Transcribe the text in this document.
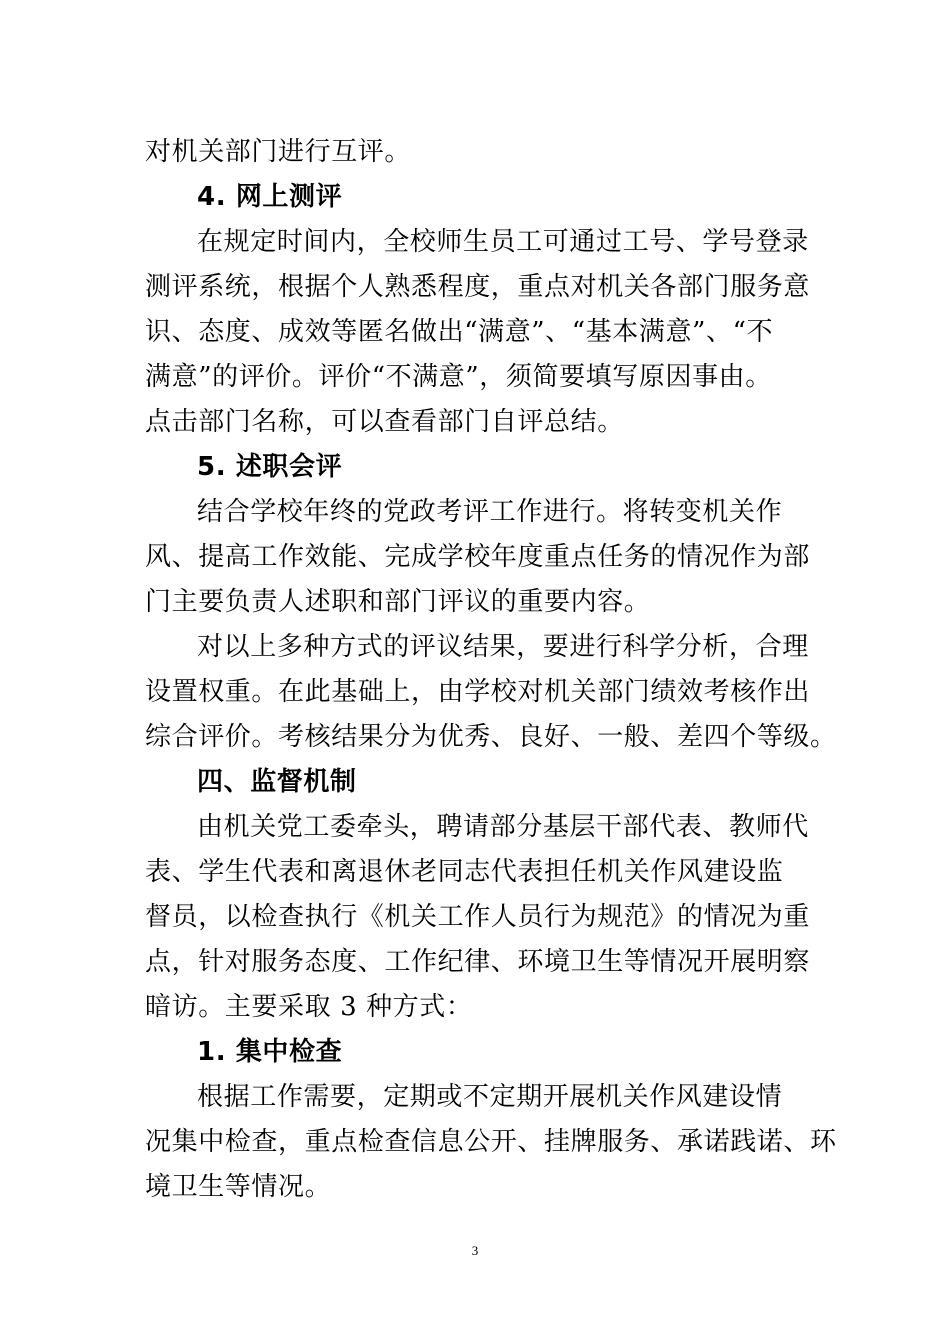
对机关部门进行互评。
4. 网上测评
在规定时间内，全校师生员工可通过工号、学号登录
测评系统，根据个人熟悉程度，重点对机关各部门服务意
识、态度、成效等匿名做出“满意”、“基本满意”、“不
满意”的评价。评价“不满意”，须简要填写原因事由。
点击部门名称，可以查看部门自评总结。
5. 述职会评
结合学校年终的党政考评工作进行。将转变机关作
风、提高工作效能、完成学校年度重点任务的情况作为部
门主要负责人述职和部门评议的重要内容。
对以上多种方式的评议结果，要进行科学分析，合理
设置权重。在此基础上，由学校对机关部门绩效考核作出
综合评价。考核结果分为优秀、良好、一般、差四个等级。
四、监督机制
由机关党工委牵头，聘请部分基层干部代表、教师代
表、学生代表和离退休老同志代表担任机关作风建设监
督员，以检查执行《机关工作人员行为规范》的情况为重
点，针对服务态度、工作纪律、环境卫生等情况开展明察
暗访。主要采取 3 种方式：
1. 集中检查
根据工作需要，定期或不定期开展机关作风建设情
况集中检查，重点检查信息公开、挂牌服务、承诺践诺、环
境卫生等情况。
3
